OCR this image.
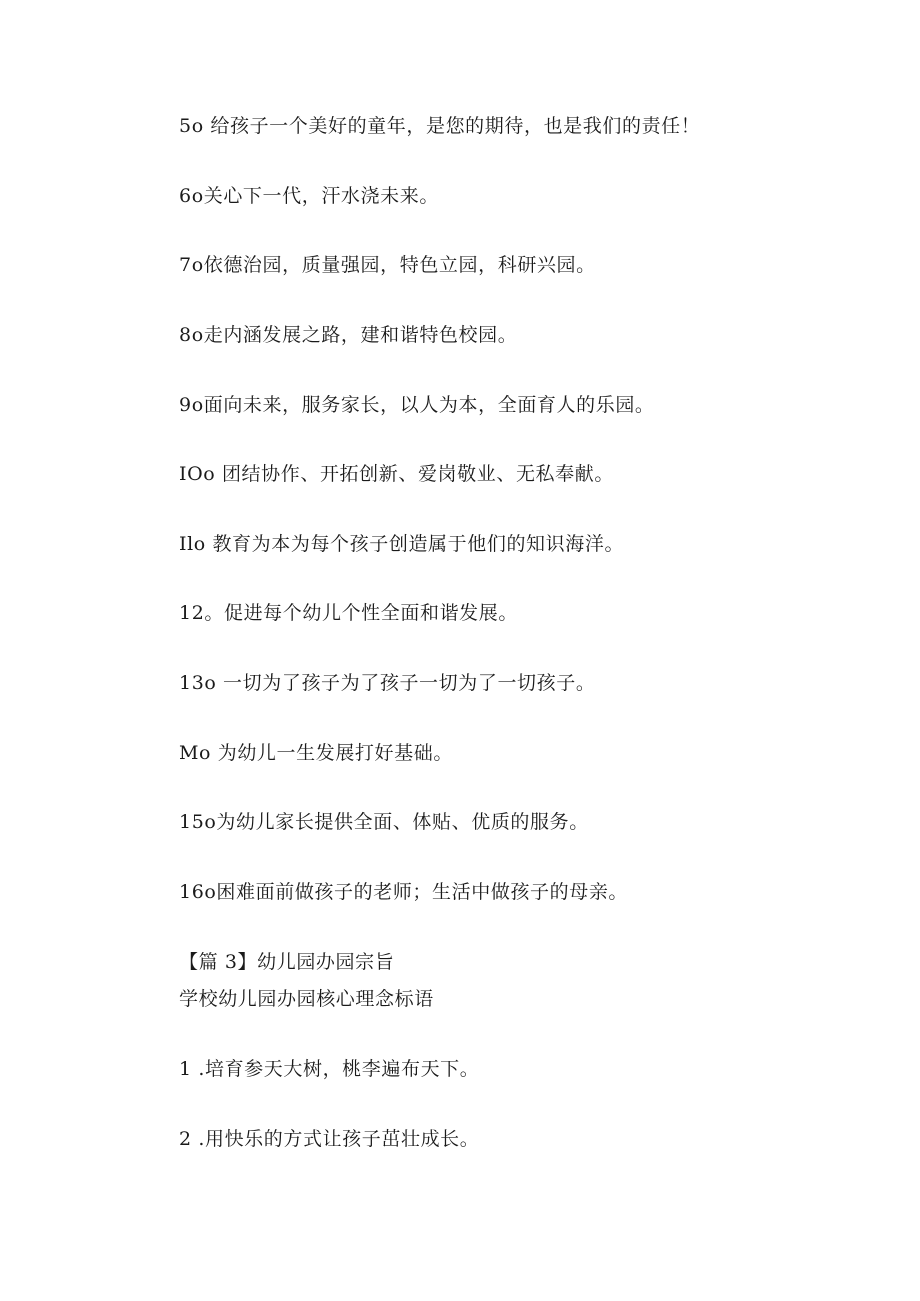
5o 给孩子一个美好的童年，是您的期待，也是我们的责任！
6o关心下一代，汗水浇未来。
7o依德治园，质量强园，特色立园，科研兴园。
8o走内涵发展之路，建和谐特色校园。
9o面向未来，服务家长，以人为本，全面育人的乐园。
IOo 团结协作、开拓创新、爱岗敬业、无私奉献。
Ilo 教育为本为每个孩子创造属于他们的知识海洋。
12。促进每个幼儿个性全面和谐发展。
13o 一切为了孩子为了孩子一切为了一切孩子。
Mo 为幼儿一生发展打好基础。
15o为幼儿家长提供全面、体贴、优质的服务。
16o困难面前做孩子的老师；生活中做孩子的母亲。
【篇 3】幼儿园办园宗旨
学校幼儿园办园核心理念标语
1 .培育参天大树，桃李遍布天下。
2 .用快乐的方式让孩子茁壮成长。
